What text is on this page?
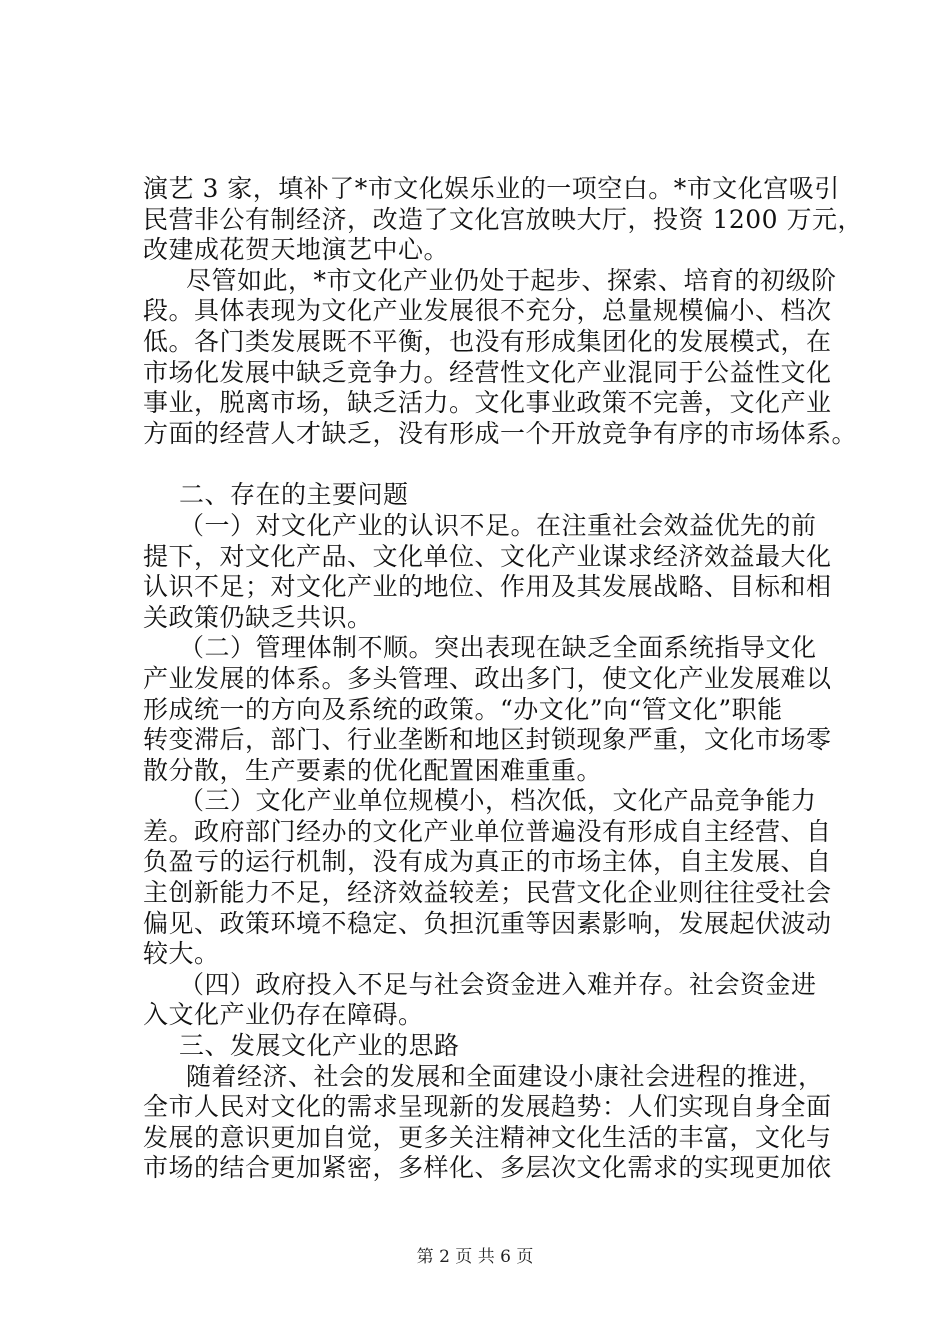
演艺 3 家，填补了*市文化娱乐业的一项空白。*市文化宫吸引
民营非公有制经济，改造了文化宫放映大厅，投资 1200 万元，
改建成花贺天地演艺中心。
尽管如此，*市文化产业仍处于起步、探索、培育的初级阶
段。具体表现为文化产业发展很不充分，总量规模偏小、档次
低。各门类发展既不平衡，也没有形成集团化的发展模式，在
市场化发展中缺乏竞争力。经营性文化产业混同于公益性文化
事业，脱离市场，缺乏活力。文化事业政策不完善，文化产业
方面的经营人才缺乏，没有形成一个开放竞争有序的市场体系。
二、存在的主要问题
（一）对文化产业的认识不足。在注重社会效益优先的前
提下，对文化产品、文化单位、文化产业谋求经济效益最大化
认识不足；对文化产业的地位、作用及其发展战略、目标和相
关政策仍缺乏共识。
（二）管理体制不顺。突出表现在缺乏全面系统指导文化
产业发展的体系。多头管理、政出多门，使文化产业发展难以
形成统一的方向及系统的政策。“办文化”向“管文化”职能
转变滞后，部门、行业垄断和地区封锁现象严重，文化市场零
散分散，生产要素的优化配置困难重重。
（三）文化产业单位规模小，档次低，文化产品竞争能力
差。政府部门经办的文化产业单位普遍没有形成自主经营、自
负盈亏的运行机制，没有成为真正的市场主体，自主发展、自
主创新能力不足，经济效益较差；民营文化企业则往往受社会
偏见、政策环境不稳定、负担沉重等因素影响，发展起伏波动
较大。
（四）政府投入不足与社会资金进入难并存。社会资金进
入文化产业仍存在障碍。
三、发展文化产业的思路
随着经济、社会的发展和全面建设小康社会进程的推进，
全市人民对文化的需求呈现新的发展趋势：人们实现自身全面
发展的意识更加自觉，更多关注精神文化生活的丰富，文化与
市场的结合更加紧密，多样化、多层次文化需求的实现更加依
第 2 页 共 6 页
